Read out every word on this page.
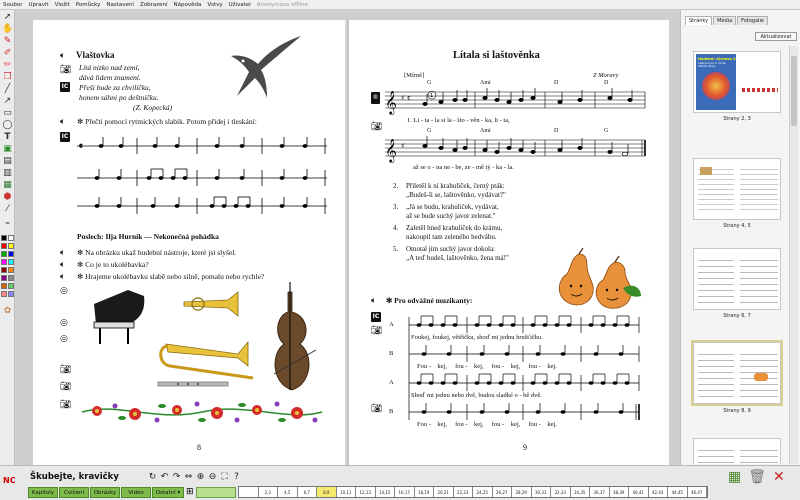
Soubor Upravit Vložit Pomůcky Nastavení Zobrazení Nápověda Vstvy Uživatel Anonymous offline
➚
✋
✎
✐
✏
❒
╱
↗
▭
◯
T
▣
▤
▥
▦
⬢
⁄
━
✿
🔈︎ Vlaštovka
📷︎
IC
Lítá nízko nad zemí,
dává lidem znamení.
Přeší bude za chvilíčku,
honem sáhni po deštníčku.
(Z. Kopecká)
🔈︎ ✻ Přečti pomocí rytmických slabik. Potom přidej i tleskání:
IC
𝄴
Poslech: Ilja Hurník — Nekonečná pohádka
🔈︎
🔈︎
🔈︎
✻ Na obrázku ukaž hudební nástroje, které jsi slyšel.
✻ Co je to ukolébavka?
✻ Hrajeme ukolébavku slabě nebo silně, pomalu nebo rychle?
◎
◎
◎
📷︎
📷︎
📷︎
8
Lítala si laštověnka
[Mírně]	Z Moravy
▥
📷︎
G	Ami	D	D
𝄞 ♯ 𝄴	1
1. Li - ta - la si la - što - věn - ka, li - ta,
G	Ami	D	G
𝄞 ♯
až se o - na ne - be, ze - mě tý - ka - la.
2. Přiletěl k ní krahuliček, černý pták:
„Budeš-li se, laštověnko, vydávat?"
3. „Já se budu, krahuliček, vydávat,
až se bude suchý javor zelenat."
4. Zaletěl hned krahuliček do krámu,
nakoupil tam zeleného hedvábu.
5. Omotal jím suchý javor dokola:
„A teď budeš, laštověnko, žena má!"
🔈︎ ✻ Pro odvážné muzikanty:
IC
📷︎
📷︎
A
B
A
B
Foukej, foukej, větříčku, shoď mi jednu hrušťičku.
Fou -    kej,     fou -    kej,     fou -    kej,     fou -    kej.
Shoď mi jednu nebo dvě, budou sladké o - bě dvě.
Fou -    kej,     fou -    kej,     fou -    kej,     fou -    kej.
9
Stránky	Média	Fotogalie
Aktualizovat
Hudební výchova 2
učebnice pro 2. ročník základní školy
Strany 2, 3
Strany 4, 5
Strany 6, 7
Strany 8, 9
NC	Škubejte, kravičky	↻ ↶ ↷ ⇔ ⊕ ⊖ ⛶ ?
Kapitoly	Cvičení	Obrázky	Video	Ostatní ▾ ⊞	2,3	4,5	6,7	8,9	10,11	12,13	14,15	16,17	18,19	20,21	22,23	24,25	26,27	28,29	30,31	32,33	34,35	36,37	38,39	40,41	42,43	44,45	46,47
▦ 🗑︎ ✕
